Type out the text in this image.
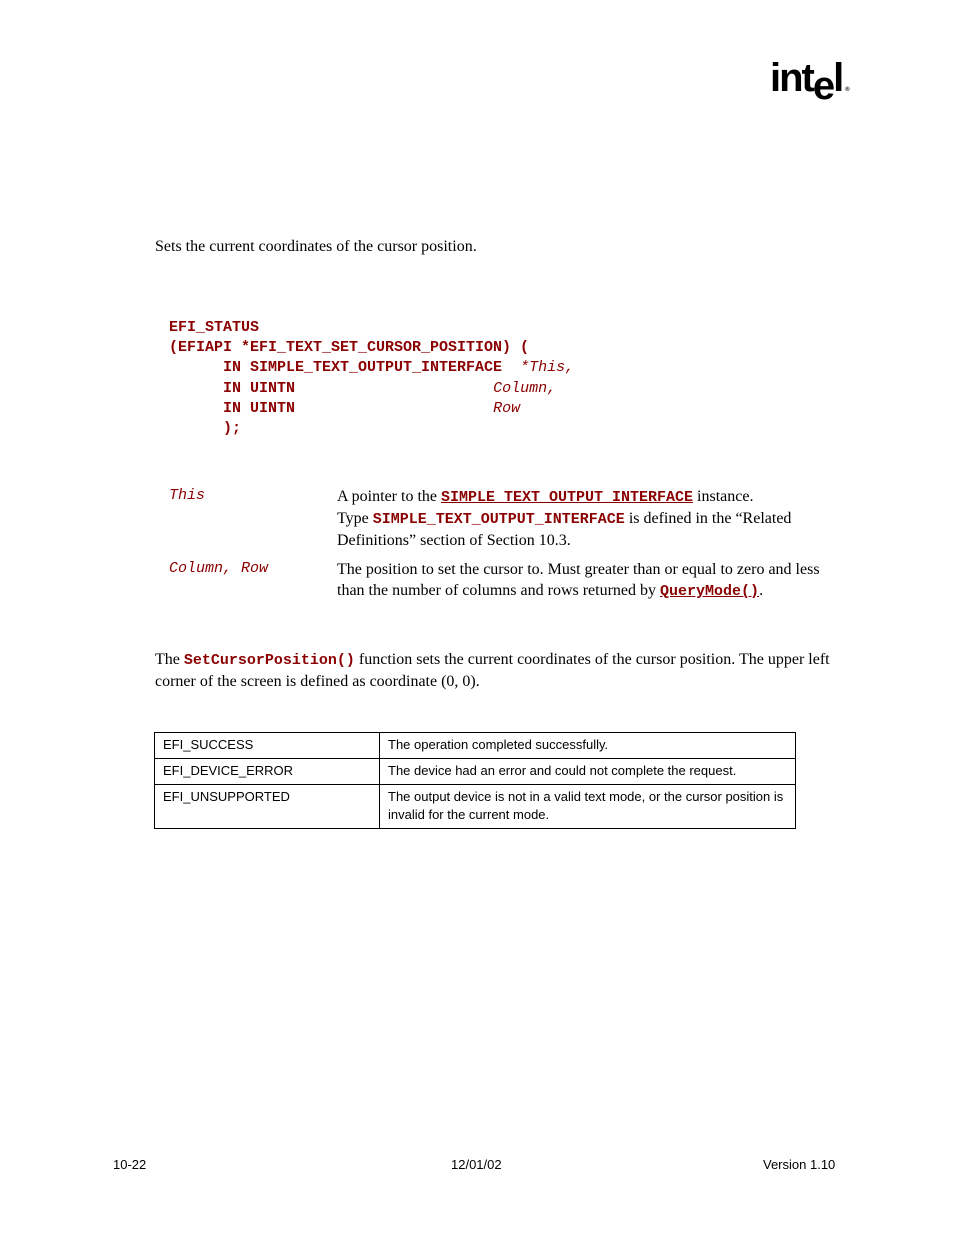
intel ®
Sets the current coordinates of the cursor position.
EFI_STATUS
(EFIAPI *EFI_TEXT_SET_CURSOR_POSITION) (
IN SIMPLE_TEXT_OUTPUT_INTERFACE *This,
IN UINTN	Column,
IN UINTN	Row
);
This	A pointer to the SIMPLE_TEXT_OUTPUT_INTERFACE instance.
Type SIMPLE_TEXT_OUTPUT_INTERFACE is defined in the “Related Definitions” section of Section 10.3.
Column, Row	The position to set the cursor to. Must greater than or equal to zero and less than the number of columns and rows returned by QueryMode().
The SetCursorPosition() function sets the current coordinates of the cursor position. The upper left corner of the screen is defined as coordinate (0, 0).
EFI_SUCCESS	The operation completed successfully.
EFI_DEVICE_ERROR	The device had an error and could not complete the request.
EFI_UNSUPPORTED	The output device is not in a valid text mode, or the cursor position is invalid for the current mode.
10-22	12/01/02	Version 1.10
